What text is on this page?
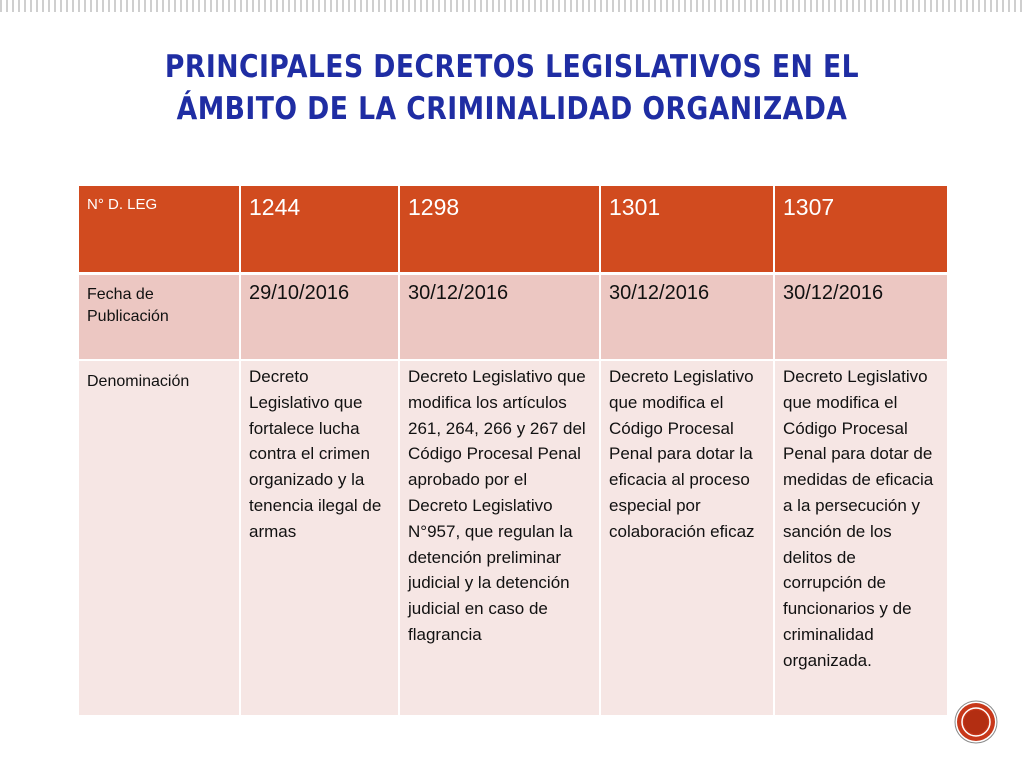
PRINCIPALES DECRETOS LEGISLATIVOS EN EL
ÁMBITO DE LA CRIMINALIDAD ORGANIZADA
N° D. LEG	1244	1298	1301	1307
Fecha de Publicación	29/10/2016	30/12/2016	30/12/2016	30/12/2016
Denominación	Decreto Legislativo que fortalece lucha contra el crimen organizado y la tenencia ilegal de armas	Decreto Legislativo que modifica los artículos 261, 264, 266 y 267 del Código Procesal Penal aprobado por el Decreto Legislativo N°957, que regulan la detención preliminar judicial y la detención judicial en caso de flagrancia	Decreto Legislativo que modifica el Código Procesal Penal para dotar la eficacia al proceso especial por colaboración eficaz	Decreto Legislativo que modifica el Código Procesal Penal para dotar de medidas de eficacia a la persecución y sanción de los delitos de corrupción de funcionarios y de criminalidad organizada.
